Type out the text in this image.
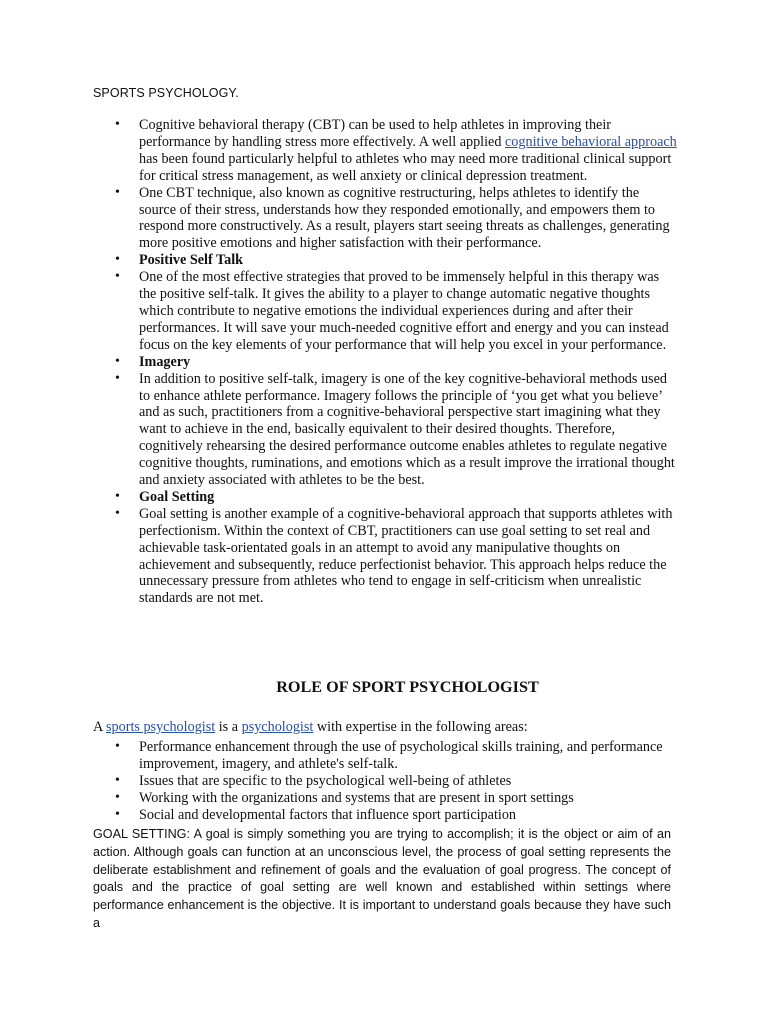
SPORTS PSYCHOLOGY.
• Cognitive behavioral therapy (CBT) can be used to help athletes in improving their performance by handling stress more effectively. A well applied cognitive behavioral approach has been found particularly helpful to athletes who may need more traditional clinical support for critical stress management, as well anxiety or clinical depression treatment.
• One CBT technique, also known as cognitive restructuring, helps athletes to identify the source of their stress, understands how they responded emotionally, and empowers them to respond more constructively. As a result, players start seeing threats as challenges, generating more positive emotions and higher satisfaction with their performance.
• Positive Self Talk
• One of the most effective strategies that proved to be immensely helpful in this therapy was the positive self-talk. It gives the ability to a player to change automatic negative thoughts which contribute to negative emotions the individual experiences during and after their performances. It will save your much-needed cognitive effort and energy and you can instead focus on the key elements of your performance that will help you excel in your performance.
• Imagery
• In addition to positive self-talk, imagery is one of the key cognitive-behavioral methods used to enhance athlete performance. Imagery follows the principle of ‘you get what you believe’ and as such, practitioners from a cognitive-behavioral perspective start imagining what they want to achieve in the end, basically equivalent to their desired thoughts. Therefore, cognitively rehearsing the desired performance outcome enables athletes to regulate negative cognitive thoughts, ruminations, and emotions which as a result improve the irrational thought and anxiety associated with athletes to be the best.
• Goal Setting
• Goal setting is another example of a cognitive-behavioral approach that supports athletes with perfectionism. Within the context of CBT, practitioners can use goal setting to set real and achievable task-orientated goals in an attempt to avoid any manipulative thoughts on achievement and subsequently, reduce perfectionist behavior. This approach helps reduce the unnecessary pressure from athletes who tend to engage in self-criticism when unrealistic standards are not met.
ROLE OF SPORT PSYCHOLOGIST
A sports psychologist is a psychologist with expertise in the following areas:
• Performance enhancement through the use of psychological skills training, and performance improvement, imagery, and athlete's self-talk.
• Issues that are specific to the psychological well-being of athletes
• Working with the organizations and systems that are present in sport settings
• Social and developmental factors that influence sport participation
GOAL SETTING: A goal is simply something you are trying to accomplish; it is the object or aim of an action. Although goals can function at an unconscious level, the process of goal setting represents the deliberate establishment and refinement of goals and the evaluation of goal progress. The concept of goals and the practice of goal setting are well known and established within settings where performance enhancement is the objective. It is important to understand goals because they have such a
